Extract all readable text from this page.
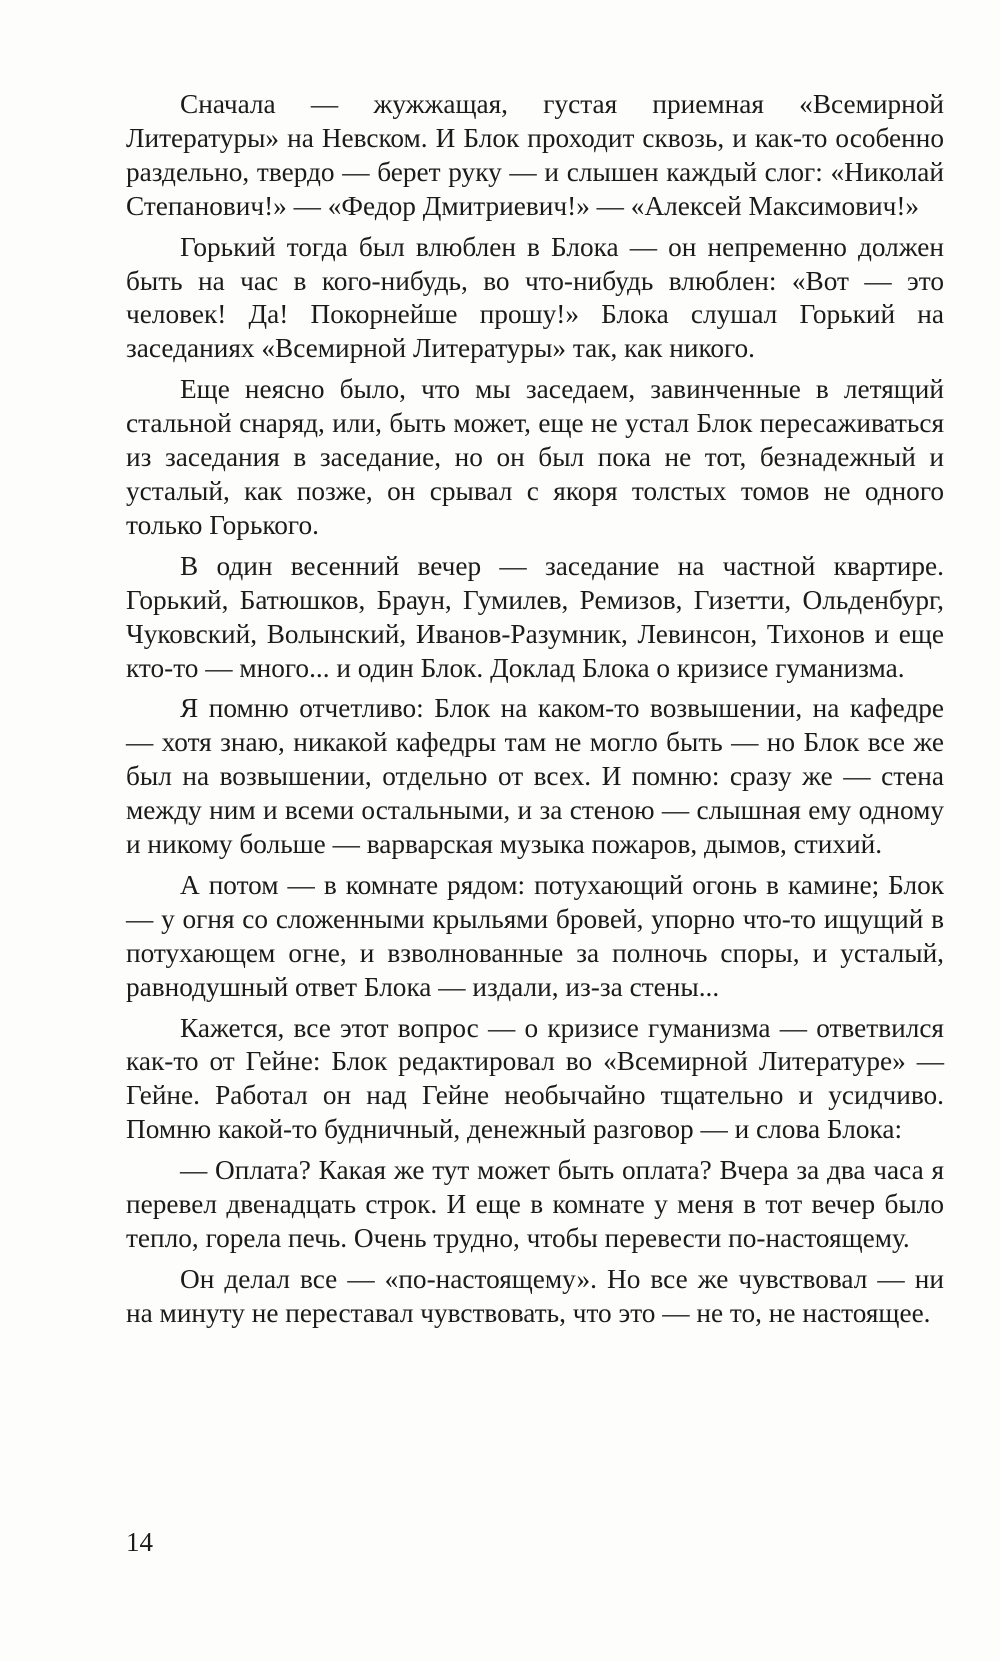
Сначала — жужжащая, густая приемная «Всемирной Литературы» на Невском. И Блок проходит сквозь, и как-то особенно раздельно, твердо — берет руку — и слышен каждый слог: «Николай Степанович!» — «Федор Дмитриевич!» — «Алексей Максимович!»

Горький тогда был влюблен в Блока — он непременно должен быть на час в кого-нибудь, во что-нибудь влюблен: «Вот — это человек! Да! Покорнейше прошу!» Блока слушал Горький на заседаниях «Всемирной Литературы» так, как никого.

Еще неясно было, что мы заседаем, завинченные в летящий стальной снаряд, или, быть может, еще не устал Блок пересаживаться из заседания в заседание, но он был пока не тот, безнадежный и усталый, как позже, он срывал с якоря толстых томов не одного только Горького.

В один весенний вечер — заседание на частной квартире. Горький, Батюшков, Браун, Гумилев, Ремизов, Гизетти, Ольденбург, Чуковский, Волынский, Иванов-Разумник, Левинсон, Тихонов и еще кто-то — много... и один Блок. Доклад Блока о кризисе гуманизма.

Я помню отчетливо: Блок на каком-то возвышении, на кафедре — хотя знаю, никакой кафедры там не могло быть — но Блок все же был на возвышении, отдельно от всех. И помню: сразу же — стена между ним и всеми остальными, и за стеною — слышная ему одному и никому больше — варварская музыка пожаров, дымов, стихий.

А потом — в комнате рядом: потухающий огонь в камине; Блок — у огня со сложенными крыльями бровей, упорно что-то ищущий в потухающем огне, и взволнованные за полночь споры, и усталый, равнодушный ответ Блока — издали, из-за стены...

Кажется, все этот вопрос — о кризисе гуманизма — ответвился как-то от Гейне: Блок редактировал во «Всемирной Литературе» — Гейне. Работал он над Гейне необычайно тщательно и усидчиво. Помню какой-то будничный, денежный разговор — и слова Блока:

— Оплата? Какая же тут может быть оплата? Вчера за два часа я перевел двенадцать строк. И еще в комнате у меня в тот вечер было тепло, горела печь. Очень трудно, чтобы перевести по-настоящему.

Он делал все — «по-настоящему». Но все же чувствовал — ни на минуту не переставал чувствовать, что это — не то, не настоящее.

14
